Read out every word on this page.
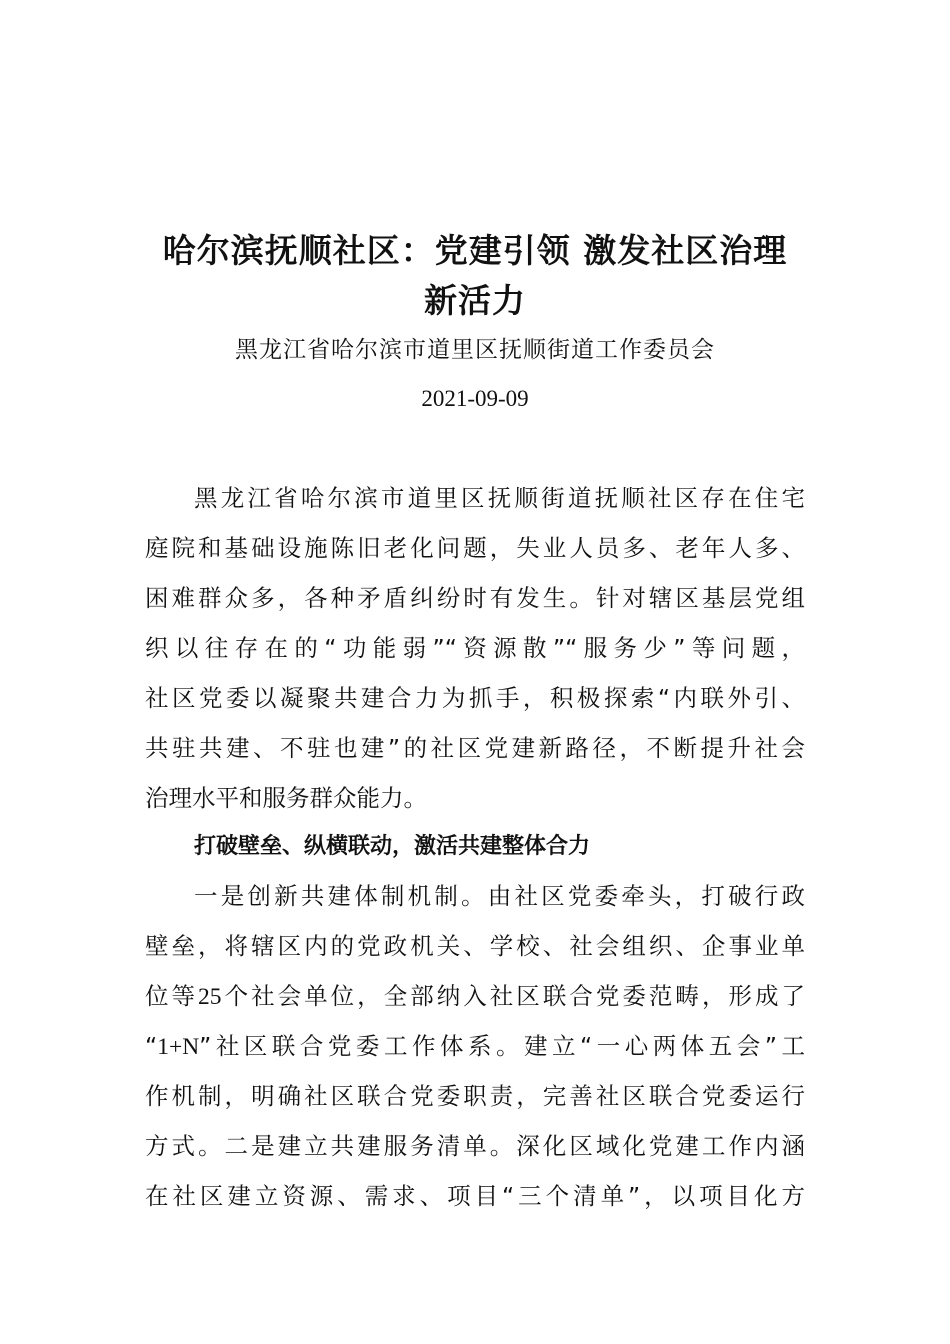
哈尔滨抚顺社区：党建引领 激发社区治理
新活力
黑龙江省哈尔滨市道里区抚顺街道工作委员会
2021-09-09
黑龙江省哈尔滨市道里区抚顺街道抚顺社区存在住宅
庭院和基础设施陈旧老化问题，失业人员多、老年人多、
困难群众多，各种矛盾纠纷时有发生。针对辖区基层党组
织以往存在的“功能弱”“资源散”“服务少”等问题，
社区党委以凝聚共建合力为抓手，积极探索“内联外引、
共驻共建、不驻也建”的社区党建新路径，不断提升社会
治理水平和服务群众能力。
打破壁垒、纵横联动，激活共建整体合力
一是创新共建体制机制。由社区党委牵头，打破行政
壁垒，将辖区内的党政机关、学校、社会组织、企事业单
位等25个社会单位，全部纳入社区联合党委范畴，形成了
“1+N”社区联合党委工作体系。建立“一心两体五会”工
作机制，明确社区联合党委职责，完善社区联合党委运行
方式。二是建立共建服务清单。深化区域化党建工作内涵
在社区建立资源、需求、项目“三个清单”，以项目化方
